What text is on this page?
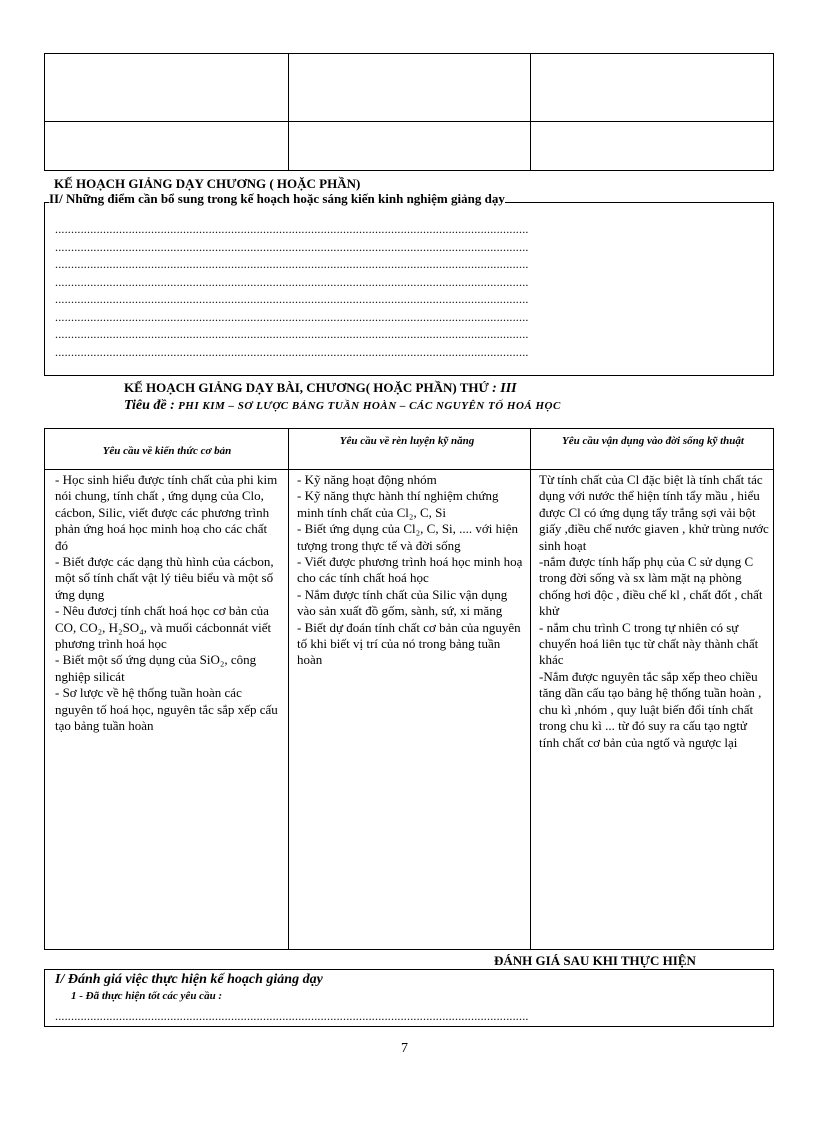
KẾ HOẠCH GIẢNG DẠY CHƯƠNG ( HOẶC PHẦN)
II/ Những điểm cần bổ sung trong kế hoạch hoặc sáng kiến kinh nghiệm giảng dạy
....................................................................................................................................................
....................................................................................................................................................
....................................................................................................................................................
....................................................................................................................................................
....................................................................................................................................................
....................................................................................................................................................
....................................................................................................................................................
....................................................................................................................................................
KẾ HOẠCH GIẢNG DẠY BÀI, CHƯƠNG( HOẶC PHẦN) THỨ : III
Tiêu đề : PHI KIM – SƠ LƯỢC BẢNG TUẦN HOÀN – CÁC NGUYÊN TỐ HOÁ HỌC
Yêu cầu về kiến thức cơ bản
Yêu cầu về rèn luyện kỹ năng	Yêu cầu vận dụng vào đời sống kỹ thuật
- Học sinh hiểu được tính chất của phi kim nói chung, tính chất , ứng dụng của Clo, cácbon, Silic, viết được các phương trình phản ứng hoá học minh hoạ cho các chất đó
- Biết được các dạng thù hình của cácbon, một số tính chất vật lý tiêu biểu và một số ứng dụng
- Nêu đươcj tính chất hoá học cơ bản của CO, CO₂, H₂SO₄, và muối cácbonnát viết phương trình hoá học
- Biết một số ứng dụng của SiO₂, công nghiệp silicát
- Sơ lược về hệ thống tuần hoàn các nguyên tố hoá học, nguyên tắc sắp xếp cấu tạo bảng tuần hoàn
- Kỹ năng hoạt động nhóm
- Kỹ năng thực hành thí nghiệm chứng minh tính chất của Cl₂, C, Si
- Biết ứng dụng của Cl₂, C, Si, .... với hiện tượng trong thực tế và đời sống
- Viết được phương trình hoá học minh hoạ cho các tính chất hoá học
- Nắm được tính chất của Silic vận dụng vào sản xuất đồ gốm, sành, sứ, xi măng
- Biết dự đoán tính chất cơ bản của nguyên tố khi biết vị trí của nó trong bảng tuần hoàn
Từ tính chất của Cl đặc biệt là tính chất tác dụng với nước thể hiện tính tẩy mầu , hiểu được Cl có ứng dụng tẩy trắng sợi vải bột giấy ,điều chế nước giaven , khử trùng nước sinh hoạt
-nắm được tính hấp phụ của C sử dụng C trong đời sống và sx làm mặt nạ phòng chống hơi độc , điều chế kl , chất đốt , chất khử
- nắm chu trình C trong tự nhiên có sự chuyển hoá liên tục từ chất này thành chất khác
-Nắm được nguyên tắc sắp xếp theo chiều tăng dần cấu tạo bảng hệ thống tuần hoàn , chu kì ,nhóm , quy luật biến đổi tính chất trong chu kì ... từ đó suy ra cấu tạo ngtử tính chất cơ bản của ngtố và ngược lại
ĐÁNH GIÁ SAU KHI THỰC HIỆN
I/ Đánh giá việc thực hiện kế hoạch giảng dạy
1 - Đã thực hiện tốt các yêu cầu :
....................................................................................................................................................
7
